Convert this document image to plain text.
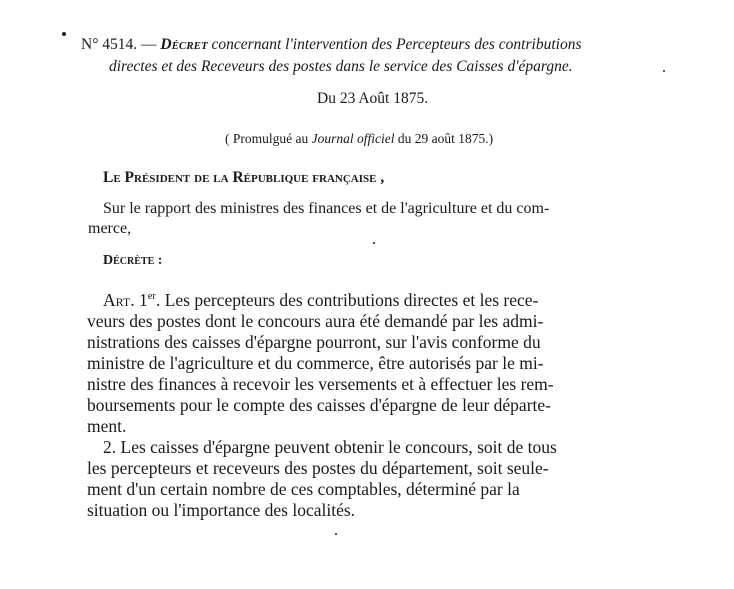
N° 4514. — Décret concernant l'intervention des Percepteurs des contributions
directes et des Receveurs des postes dans le service des Caisses d'épargne.
Du 23 Août 1875.
( Promulgué au Journal officiel du 29 août 1875.)
Le Président de la République française ,
Sur le rapport des ministres des finances et de l'agriculture et du com-
merce,
Décrète :
Art. 1er. Les percepteurs des contributions directes et les rece-
veurs des postes dont le concours aura été demandé par les admi-
nistrations des caisses d'épargne pourront, sur l'avis conforme du
ministre de l'agriculture et du commerce, être autorisés par le mi-
nistre des finances à recevoir les versements et à effectuer les rem-
boursements pour le compte des caisses d'épargne de leur départe-
ment.
2. Les caisses d'épargne peuvent obtenir le concours, soit de tous
les percepteurs et receveurs des postes du département, soit seule-
ment d'un certain nombre de ces comptables, déterminé par la
situation ou l'importance des localités.
